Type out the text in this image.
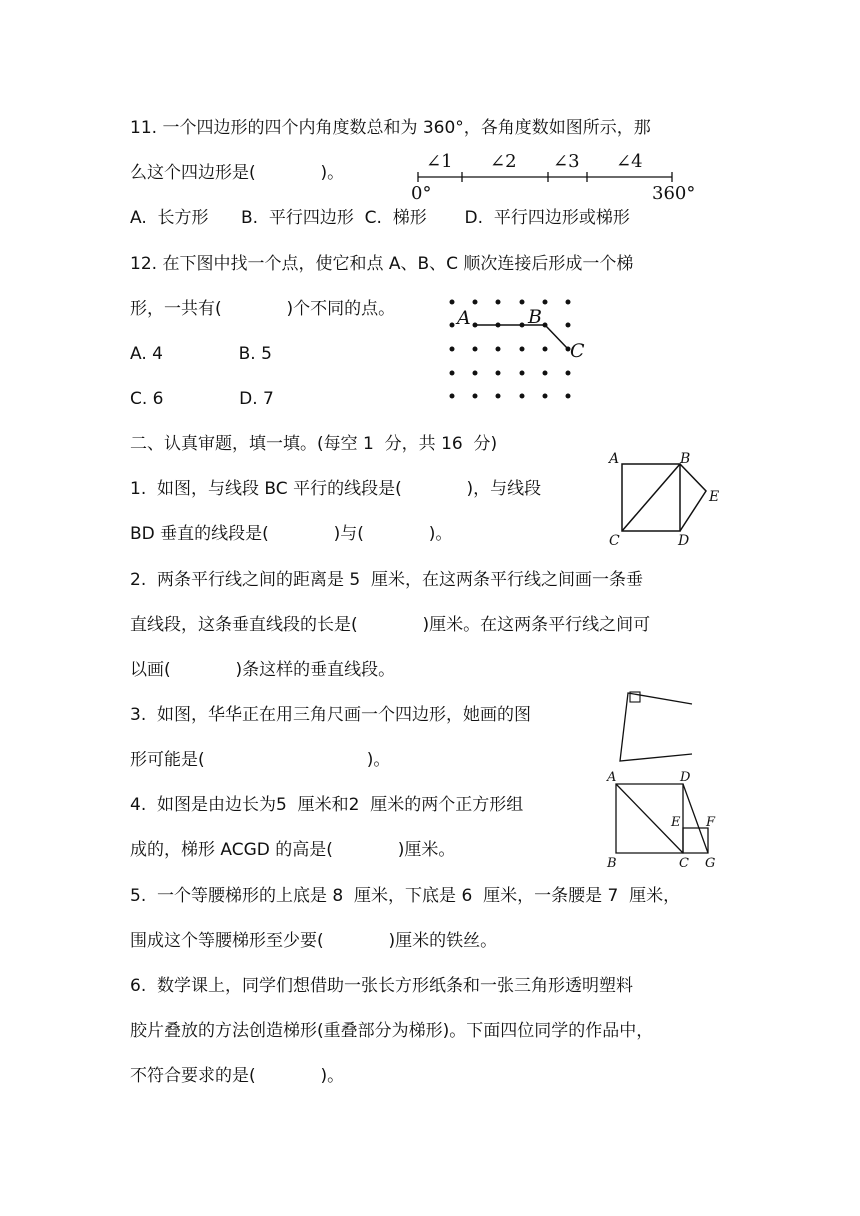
11. 一个四边形的四个内角度数总和为 360°，各角度数如图所示，那
么这个四边形是(            )。
∠1 ∠2 ∠3 ∠4
0°	360°
A.  长方形      B.  平行四边形  C.  梯形       D.  平行四边形或梯形
12. 在下图中找一个点，使它和点 A、B、C 顺次连接后形成一个梯
形，一共有(            )个不同的点。
A. 4              B. 5
C. 6              D. 7
A	B
C
二、认真审题，填一填。(每空 1  分，共 16  分)
1.  如图，与线段 BC 平行的线段是(            )，与线段
BD 垂直的线段是(            )与(            )。
A	B
E
C	D
2.  两条平行线之间的距离是 5  厘米，在这两条平行线之间画一条垂
直线段，这条垂直线段的长是(            )厘米。在这两条平行线之间可
以画(            )条这样的垂直线段。
3.  如图，华华正在用三角尺画一个四边形，她画的图
形可能是(                              )。
4.  如图是由边长为5  厘米和2  厘米的两个正方形组
成的，梯形 ACGD 的高是(            )厘米。
A	D
E F
B	C G
5.  一个等腰梯形的上底是 8  厘米，下底是 6  厘米，一条腰是 7  厘米，
围成这个等腰梯形至少要(            )厘米的铁丝。
6.  数学课上，同学们想借助一张长方形纸条和一张三角形透明塑料
胶片叠放的方法创造梯形(重叠部分为梯形)。下面四位同学的作品中，
不符合要求的是(            )。
